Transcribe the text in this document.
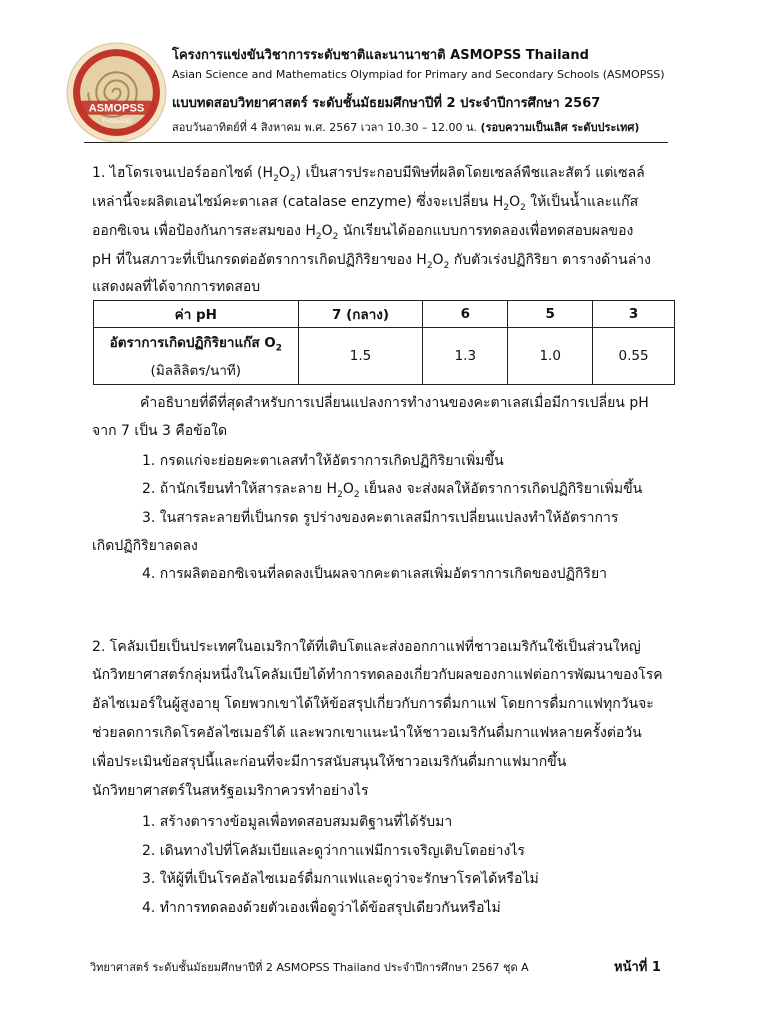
ASMOPSS
THAILAND
โครงการแข่งขันวิชาการระดับชาติและนานาชาติ ASMOPSS Thailand
Asian Science and Mathematics Olympiad for Primary and Secondary Schools (ASMOPSS)
แบบทดสอบวิทยาศาสตร์ ระดับชั้นมัธยมศึกษาปีที่ 2 ประจำปีการศึกษา 2567
สอบวันอาทิตย์ที่ 4 สิงหาคม พ.ศ. 2567 เวลา 10.30 – 12.00 น. (รอบความเป็นเลิศ ระดับประเทศ)
1. ไฮโดรเจนเปอร์ออกไซด์ $(H_2O_2)$ เป็นสารประกอบมีพิษที่ผลิตโดยเซลล์พืชและสัตว์ แต่เซลล์
เหล่านี้จะผลิตเอนไซม์คะตาเลส (catalase enzyme) ซึ่งจะเปลี่ยน $H_2O_2$ ให้เป็นน้ำและแก๊ส
ออกซิเจน เพื่อป้องกันการสะสมของ $H_2O_2$ นักเรียนได้ออกแบบการทดลองเพื่อทดสอบผลของ
pH ที่ในสภาวะที่เป็นกรดต่ออัตราการเกิดปฏิกิริยาของ $H_2O_2$ กับตัวเร่งปฏิกิริยา ตารางด้านล่าง
แสดงผลที่ได้จากการทดสอบ
ค่า pH	7 (กลาง)	6	5	3

อัตราการเกิดปฏิกิริยาแก๊ส $O_2$
(มิลลิลิตร/นาที)	1.5	1.3	1.0	0.55
คำอธิบายที่ดีที่สุดสำหรับการเปลี่ยนแปลงการทำงานของคะตาเลสเมื่อมีการเปลี่ยน pH
จาก 7 เป็น 3 คือข้อใด
1. กรดแก่จะย่อยคะตาเลสทำให้อัตราการเกิดปฏิกิริยาเพิ่มขึ้น
2. ถ้านักเรียนทำให้สารละลาย $H_2O_2$ เย็นลง จะส่งผลให้อัตราการเกิดปฏิกิริยาเพิ่มขึ้น
3. ในสารละลายที่เป็นกรด รูปร่างของคะตาเลสมีการเปลี่ยนแปลงทำให้อัตราการ
เกิดปฏิกิริยาลดลง
4. การผลิตออกซิเจนที่ลดลงเป็นผลจากคะตาเลสเพิ่มอัตราการเกิดของปฏิกิริยา
2. โคลัมเบียเป็นประเทศในอเมริกาใต้ที่เติบโตและส่งออกกาแฟที่ชาวอเมริกันใช้เป็นส่วนใหญ่
นักวิทยาศาสตร์กลุ่มหนึ่งในโคลัมเบียได้ทำการทดลองเกี่ยวกับผลของกาแฟต่อการพัฒนาของโรค
อัลไซเมอร์ในผู้สูงอายุ โดยพวกเขาได้ให้ข้อสรุปเกี่ยวกับการดื่มกาแฟ โดยการดื่มกาแฟทุกวันจะ
ช่วยลดการเกิดโรคอัลไซเมอร์ได้ และพวกเขาแนะนำให้ชาวอเมริกันดื่มกาแฟหลายครั้งต่อวัน
เพื่อประเมินข้อสรุปนี้และก่อนที่จะมีการสนับสนุนให้ชาวอเมริกันดื่มกาแฟมากขึ้น
นักวิทยาศาสตร์ในสหรัฐอเมริกาควรทำอย่างไร
1. สร้างตารางข้อมูลเพื่อทดสอบสมมติฐานที่ได้รับมา
2. เดินทางไปที่โคลัมเบียและดูว่ากาแฟมีการเจริญเติบโตอย่างไร
3. ให้ผู้ที่เป็นโรคอัลไซเมอร์ดื่มกาแฟและดูว่าจะรักษาโรคได้หรือไม่
4. ทำการทดลองด้วยตัวเองเพื่อดูว่าได้ข้อสรุปเดียวกันหรือไม่
วิทยาศาสตร์ ระดับชั้นมัธยมศึกษาปีที่ 2 ASMOPSS Thailand ประจำปีการศึกษา 2567 ชุด A	หน้าที่ 1
